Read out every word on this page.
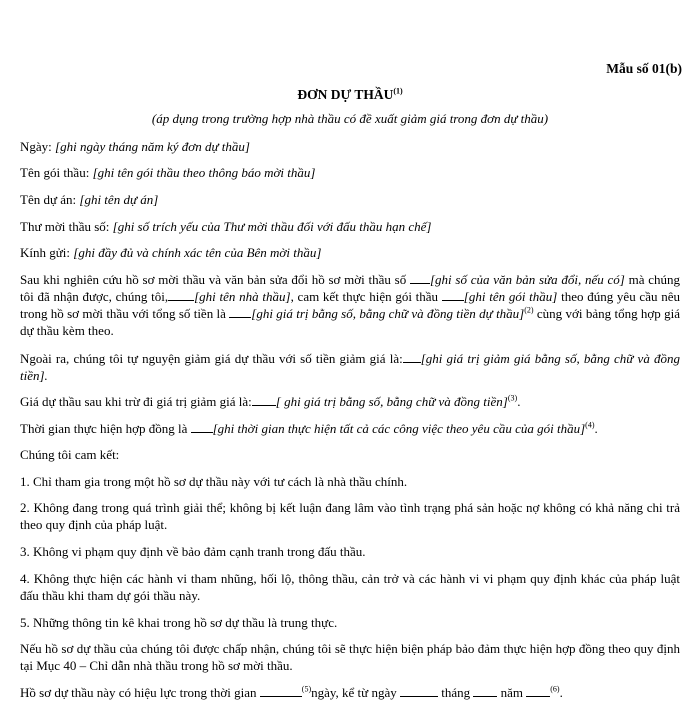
Mẫu số 01(b)
ĐƠN DỰ THẦU$^{(1)}$
(áp dụng trong trường hợp nhà thầu có đề xuất giảm giá trong đơn dự thầu)
Ngày: [ghi ngày tháng năm ký đơn dự thầu]
Tên gói thầu: [ghi tên gói thầu theo thông báo mời thầu]
Tên dự án: [ghi tên dự án]
Thư mời thầu số: [ghi số trích yếu của Thư mời thầu đối với đấu thầu hạn chế]
Kính gửi: [ghi đầy đủ và chính xác tên của Bên mời thầu]
Sau khi nghiên cứu hồ sơ mời thầu và văn bản sửa đổi hồ sơ mời thầu số [ghi số của văn bản sửa đổi, nếu có] mà chúng tôi đã nhận được, chúng tôi, [ghi tên nhà thầu], cam kết thực hiện gói thầu [ghi tên gói thầu] theo đúng yêu cầu nêu trong hồ sơ mời thầu với tổng số tiền là [ghi giá trị bằng số, bằng chữ và đồng tiền dự thầu]$^{(2)}$ cùng với bảng tổng hợp giá dự thầu kèm theo.
Ngoài ra, chúng tôi tự nguyện giảm giá dự thầu với số tiền giảm giá là: [ghi giá trị giảm giá bằng số, bằng chữ và đồng tiền].
Giá dự thầu sau khi trừ đi giá trị giảm giá là: [ ghi giá trị bằng số, bằng chữ và đồng tiền]$^{(3)}$.
Thời gian thực hiện hợp đồng là [ghi thời gian thực hiện tất cả các công việc theo yêu cầu của gói thầu]$^{(4)}$.
Chúng tôi cam kết:
1. Chỉ tham gia trong một hồ sơ dự thầu này với tư cách là nhà thầu chính.
2. Không đang trong quá trình giải thể; không bị kết luận đang lâm vào tình trạng phá sản hoặc nợ không có khả năng chi trả theo quy định của pháp luật.
3. Không vi phạm quy định về bảo đảm cạnh tranh trong đấu thầu.
4. Không thực hiện các hành vi tham nhũng, hối lộ, thông thầu, cản trở và các hành vi vi phạm quy định khác của pháp luật đấu thầu khi tham dự gói thầu này.
5. Những thông tin kê khai trong hồ sơ dự thầu là trung thực.
Nếu hồ sơ dự thầu của chúng tôi được chấp nhận, chúng tôi sẽ thực hiện biện pháp bảo đảm thực hiện hợp đồng theo quy định tại Mục 40 – Chỉ dẫn nhà thầu trong hồ sơ mời thầu.
Hồ sơ dự thầu này có hiệu lực trong thời gian	$^{(5)}$ngày, kể từ ngày	tháng  năm	$^{(6)}$.
